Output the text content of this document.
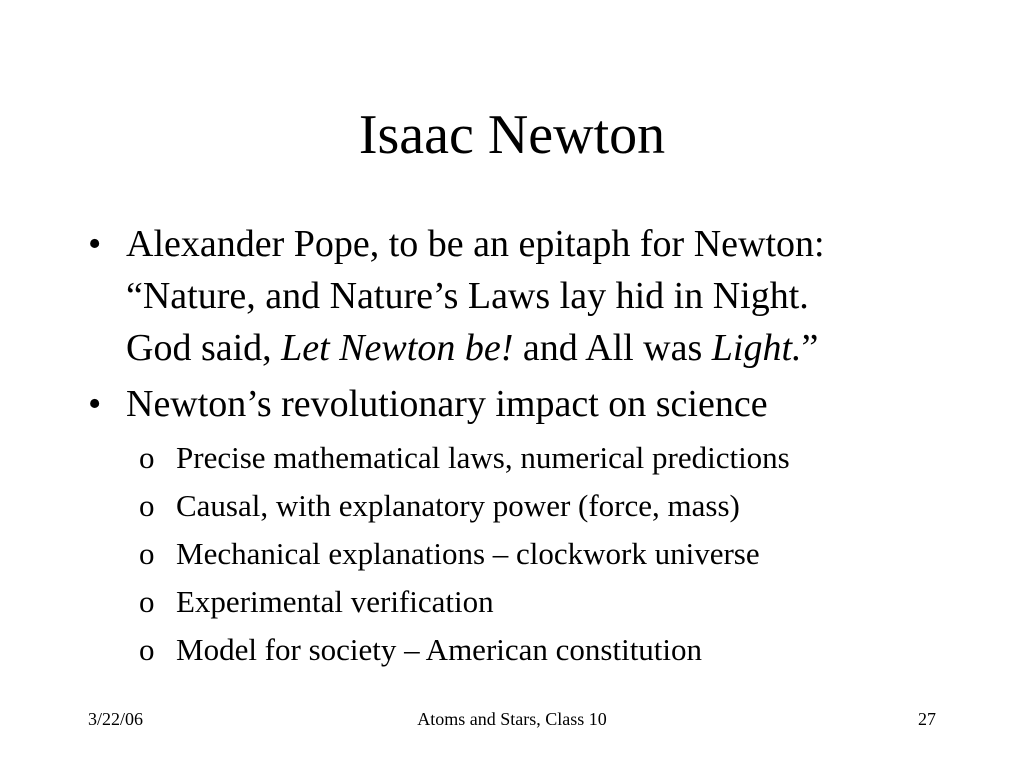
Isaac Newton
• Alexander Pope, to be an epitaph for Newton:
“Nature, and Nature’s Laws lay hid in Night.
God said, Let Newton be! and All was Light.”
• Newton’s revolutionary impact on science
o Precise mathematical laws, numerical predictions
o Causal, with explanatory power (force, mass)
o Mechanical explanations – clockwork universe
o Experimental verification
o Model for society – American constitution
3/22/06	Atoms and Stars, Class 10	27
